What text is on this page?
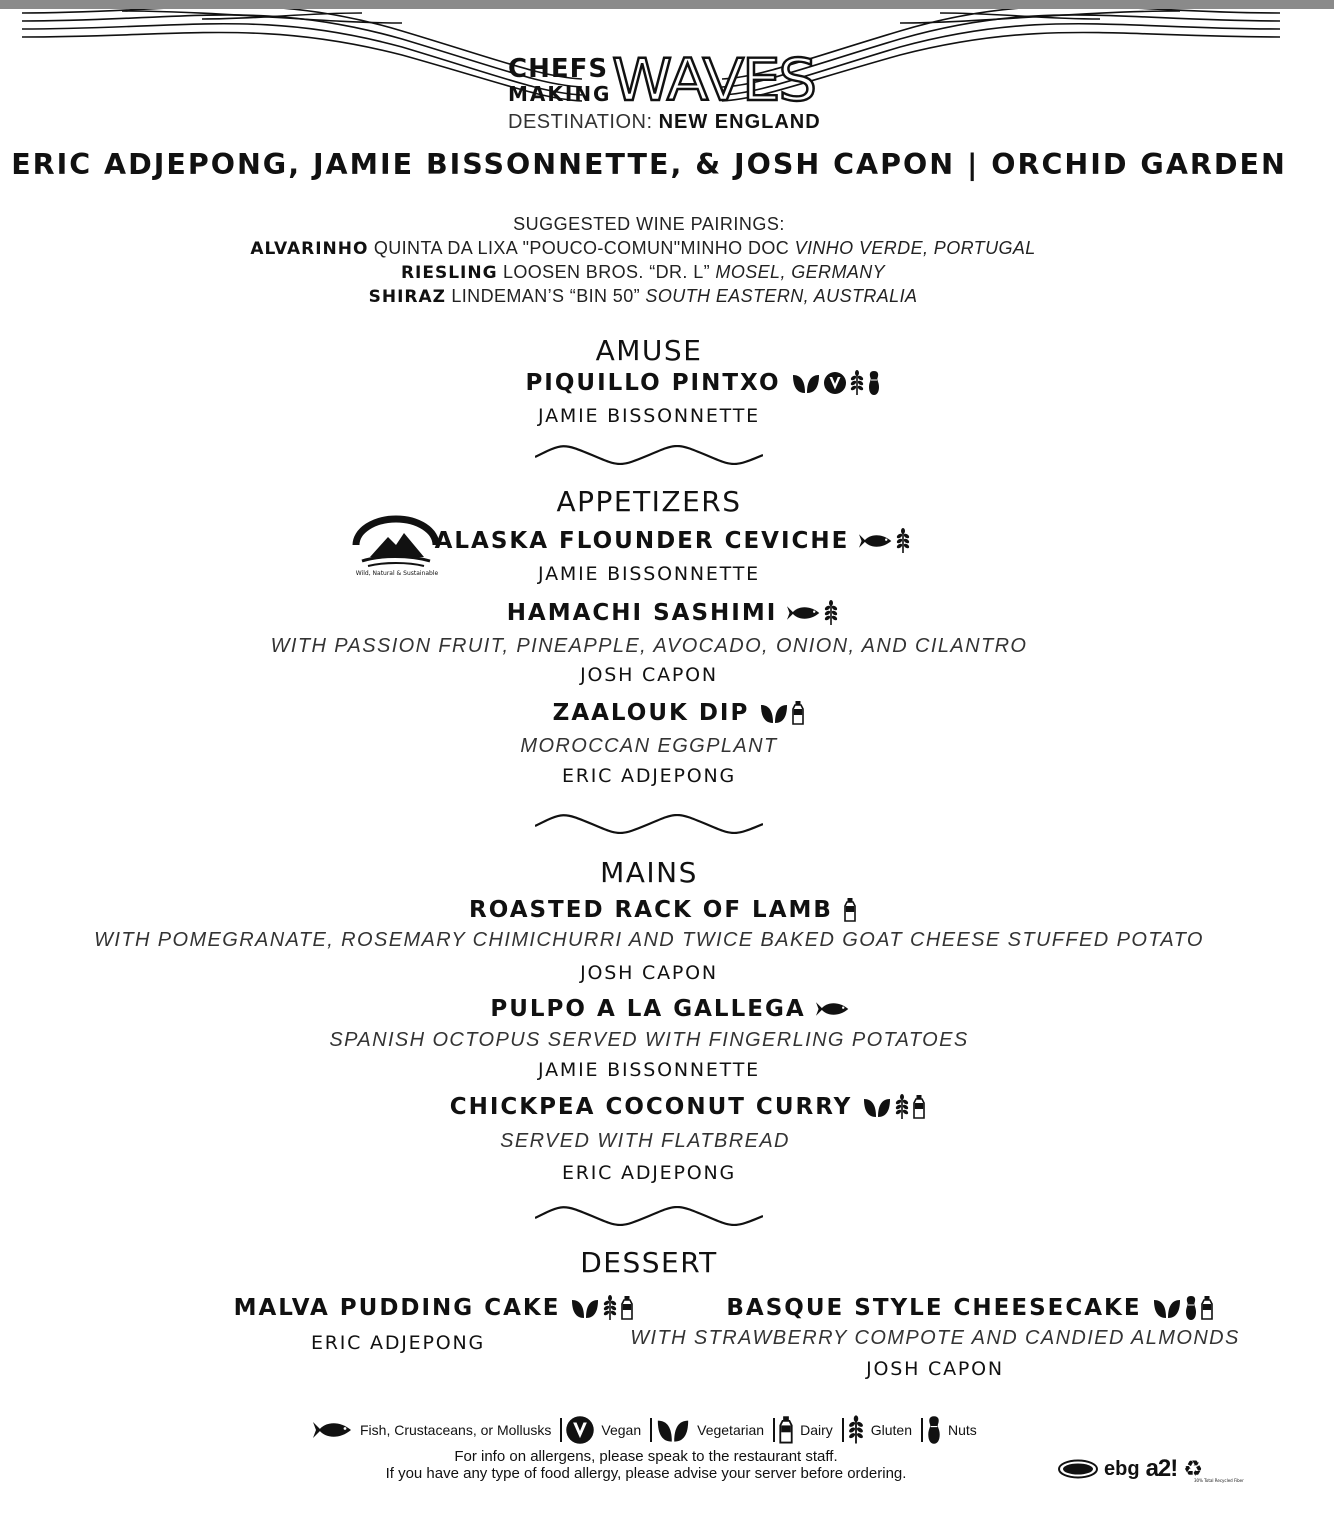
CHEFS
MAKING WAVES
DESTINATION: NEW ENGLAND
ERIC ADJEPONG, JAMIE BISSONNETTE, & JOSH CAPON | ORCHID GARDEN
SUGGESTED WINE PAIRINGS:
ALVARINHO QUINTA DA LIXA "POUCO-COMUN"MINHO DOC VINHO VERDE, PORTUGAL
RIESLING LOOSEN BROS. “DR. L” MOSEL, GERMANY
SHIRAZ LINDEMAN’S “BIN 50” SOUTH EASTERN, AUSTRALIA
AMUSE
PIQUILLO PINTXO
JAMIE BISSONNETTE
APPETIZERS
Wild, Natural & Sustainable
ALASKA FLOUNDER CEVICHE
JAMIE BISSONNETTE
HAMACHI SASHIMI
WITH PASSION FRUIT, PINEAPPLE, AVOCADO, ONION, AND CILANTRO
JOSH CAPON
ZAALOUK DIP
MOROCCAN EGGPLANT
ERIC ADJEPONG
MAINS
ROASTED RACK OF LAMB
WITH POMEGRANATE, ROSEMARY CHIMICHURRI AND TWICE BAKED GOAT CHEESE STUFFED POTATO
JOSH CAPON
PULPO A LA GALLEGA
SPANISH OCTOPUS SERVED WITH FINGERLING POTATOES
JAMIE BISSONNETTE
CHICKPEA COCONUT CURRY
SERVED WITH FLATBREAD
ERIC ADJEPONG
DESSERT
MALVA PUDDING CAKE
ERIC ADJEPONG
BASQUE STYLE CHEESECAKE
WITH STRAWBERRY COMPOTE AND CANDIED ALMONDS
JOSH CAPON
Fish, Crustaceans, or Mollusks	Vegan	Vegetarian	Dairy	Gluten	Nuts
For info on allergens, please speak to the restaurant staff.
If you have any type of food allergy, please advise your server before ordering.	ebg a2! ♻
30% Total Recycled Fiber
